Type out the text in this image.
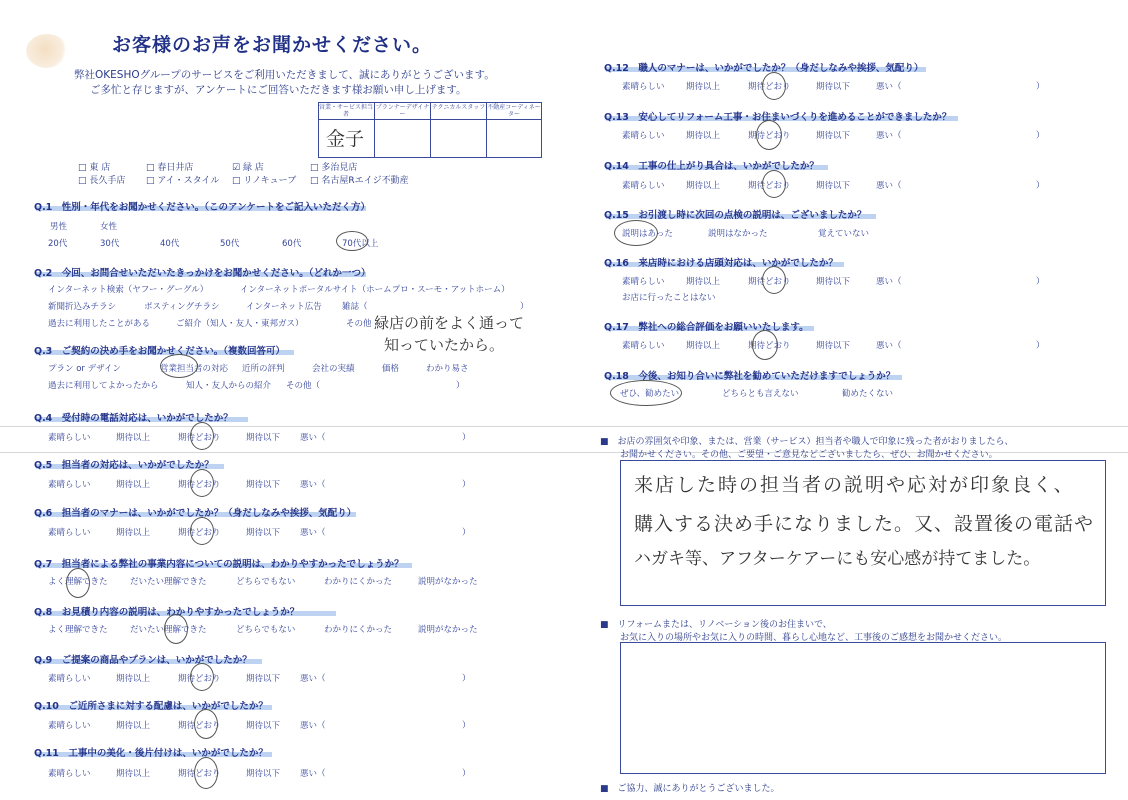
お客様のお声をお聞かせください。
弊社OKESHOグループのサービスをご利用いただきまして、誠にありがとうございます。
ご多忙と存じますが、アンケートにご回答いただきます様お願い申し上げます。
営業・サービス担当者
プランナーデザイナー
テクニカルスタッフ 不動産コーディネーター
金子
□ 東 店	□ 春日井店	☑ 緑 店	□ 多治見店
□ 長久手店 □ アイ・スタイル □ リノキューブ □ 名古屋Rエイジ不動産
Q.1　性別・年代をお聞かせください。（このアンケートをご記入いただく方）
男性	女性
20代	30代	40代	50代	60代	70代以上
Q.2　今回、お問合せいただいたきっかけをお聞かせください。（どれか一つ）
インターネット検索（ヤフー・グーグル）	インターネットポータルサイト（ホームプロ・スーモ・アットホーム）
新聞折込みチラシ	ポスティングチラシ	インターネット広告 雑誌（	）
過去に利用したことがある	ご紹介（知人・友人・東邦ガス）	その他（
緑店の前をよく通って
知っていたから。
Q.3　ご契約の決め手をお聞かせください。（複数回答可）
プラン or デザイン	営業担当者の対応 近所の評判	会社の実績	価格	わかり易さ
過去に利用してよかったから	知人・友人からの紹介 その他（	）
Q.4　受付時の電話対応は、いかがでしたか？
素晴らしい	期待以上	期待どおり	期待以下 悪い（	）
Q.5　担当者の対応は、いかがでしたか？
素晴らしい	期待以上	期待どおり	期待以下 悪い（	）
Q.6　担当者のマナーは、いかがでしたか？（身だしなみや挨拶、気配り）
素晴らしい	期待以上	期待どおり	期待以下 悪い（	）
Q.7　担当者による弊社の事業内容についての説明は、わかりやすかったでしょうか？
よく理解できた	だいたい理解できた	どちらでもない	わかりにくかった	説明がなかった
Q.8　お見積り内容の説明は、わかりやすかったでしょうか？
よく理解できた	だいたい理解できた	どちらでもない	わかりにくかった	説明がなかった
Q.9　ご提案の商品やプランは、いかがでしたか？
素晴らしい	期待以上	期待どおり	期待以下 悪い（	）
Q.10　ご近所さまに対する配慮は、いかがでしたか？
素晴らしい	期待以上	期待どおり	期待以下 悪い（	）
Q.11　工事中の美化・後片付けは、いかがでしたか？
素晴らしい	期待以上	期待どおり	期待以下 悪い（	）
Q.12　職人のマナーは、いかがでしたか？（身だしなみや挨拶、気配り）
素晴らしい	期待以上	期待どおり	期待以下	悪い（	）
Q.13　安心してリフォーム工事・お住まいづくりを進めることができましたか？
素晴らしい	期待以上	期待どおり	期待以下	悪い（	）
Q.14　工事の仕上がり具合は、いかがでしたか？
素晴らしい	期待以上	期待どおり	期待以下	悪い（	）
Q.15　お引渡し時に次回の点検の説明は、ございましたか？
説明はあった	説明はなかった	覚えていない
Q.16　来店時における店頭対応は、いかがでしたか？
素晴らしい	期待以上	期待どおり	期待以下	悪い（	）
お店に行ったことはない
Q.17　弊社への総合評価をお願いいたします。
素晴らしい	期待以上	期待どおり	期待以下	悪い（	）
Q.18　今後、お知り合いに弊社を勧めていただけますでしょうか？
ぜひ、勧めたい	どちらとも言えない	勧めたくない
■　お店の雰囲気や印象、または、営業（サービス）担当者や職人で印象に残った者がおりましたら、
お聞かせください。その他、ご要望・ご意見などございましたら、ぜひ、お聞かせください。
来店した時の担当者の説明や応対が印象良く、
購入する決め手になりました。又、設置後の電話や
ハガキ等、アフターケアーにも安心感が持てました。
■　リフォームまたは、リノベーション後のお住まいで、
お気に入りの場所やお気に入りの時間、暮らし心地など、工事後のご感想をお聞かせください。
■　ご協力、誠にありがとうございました。
